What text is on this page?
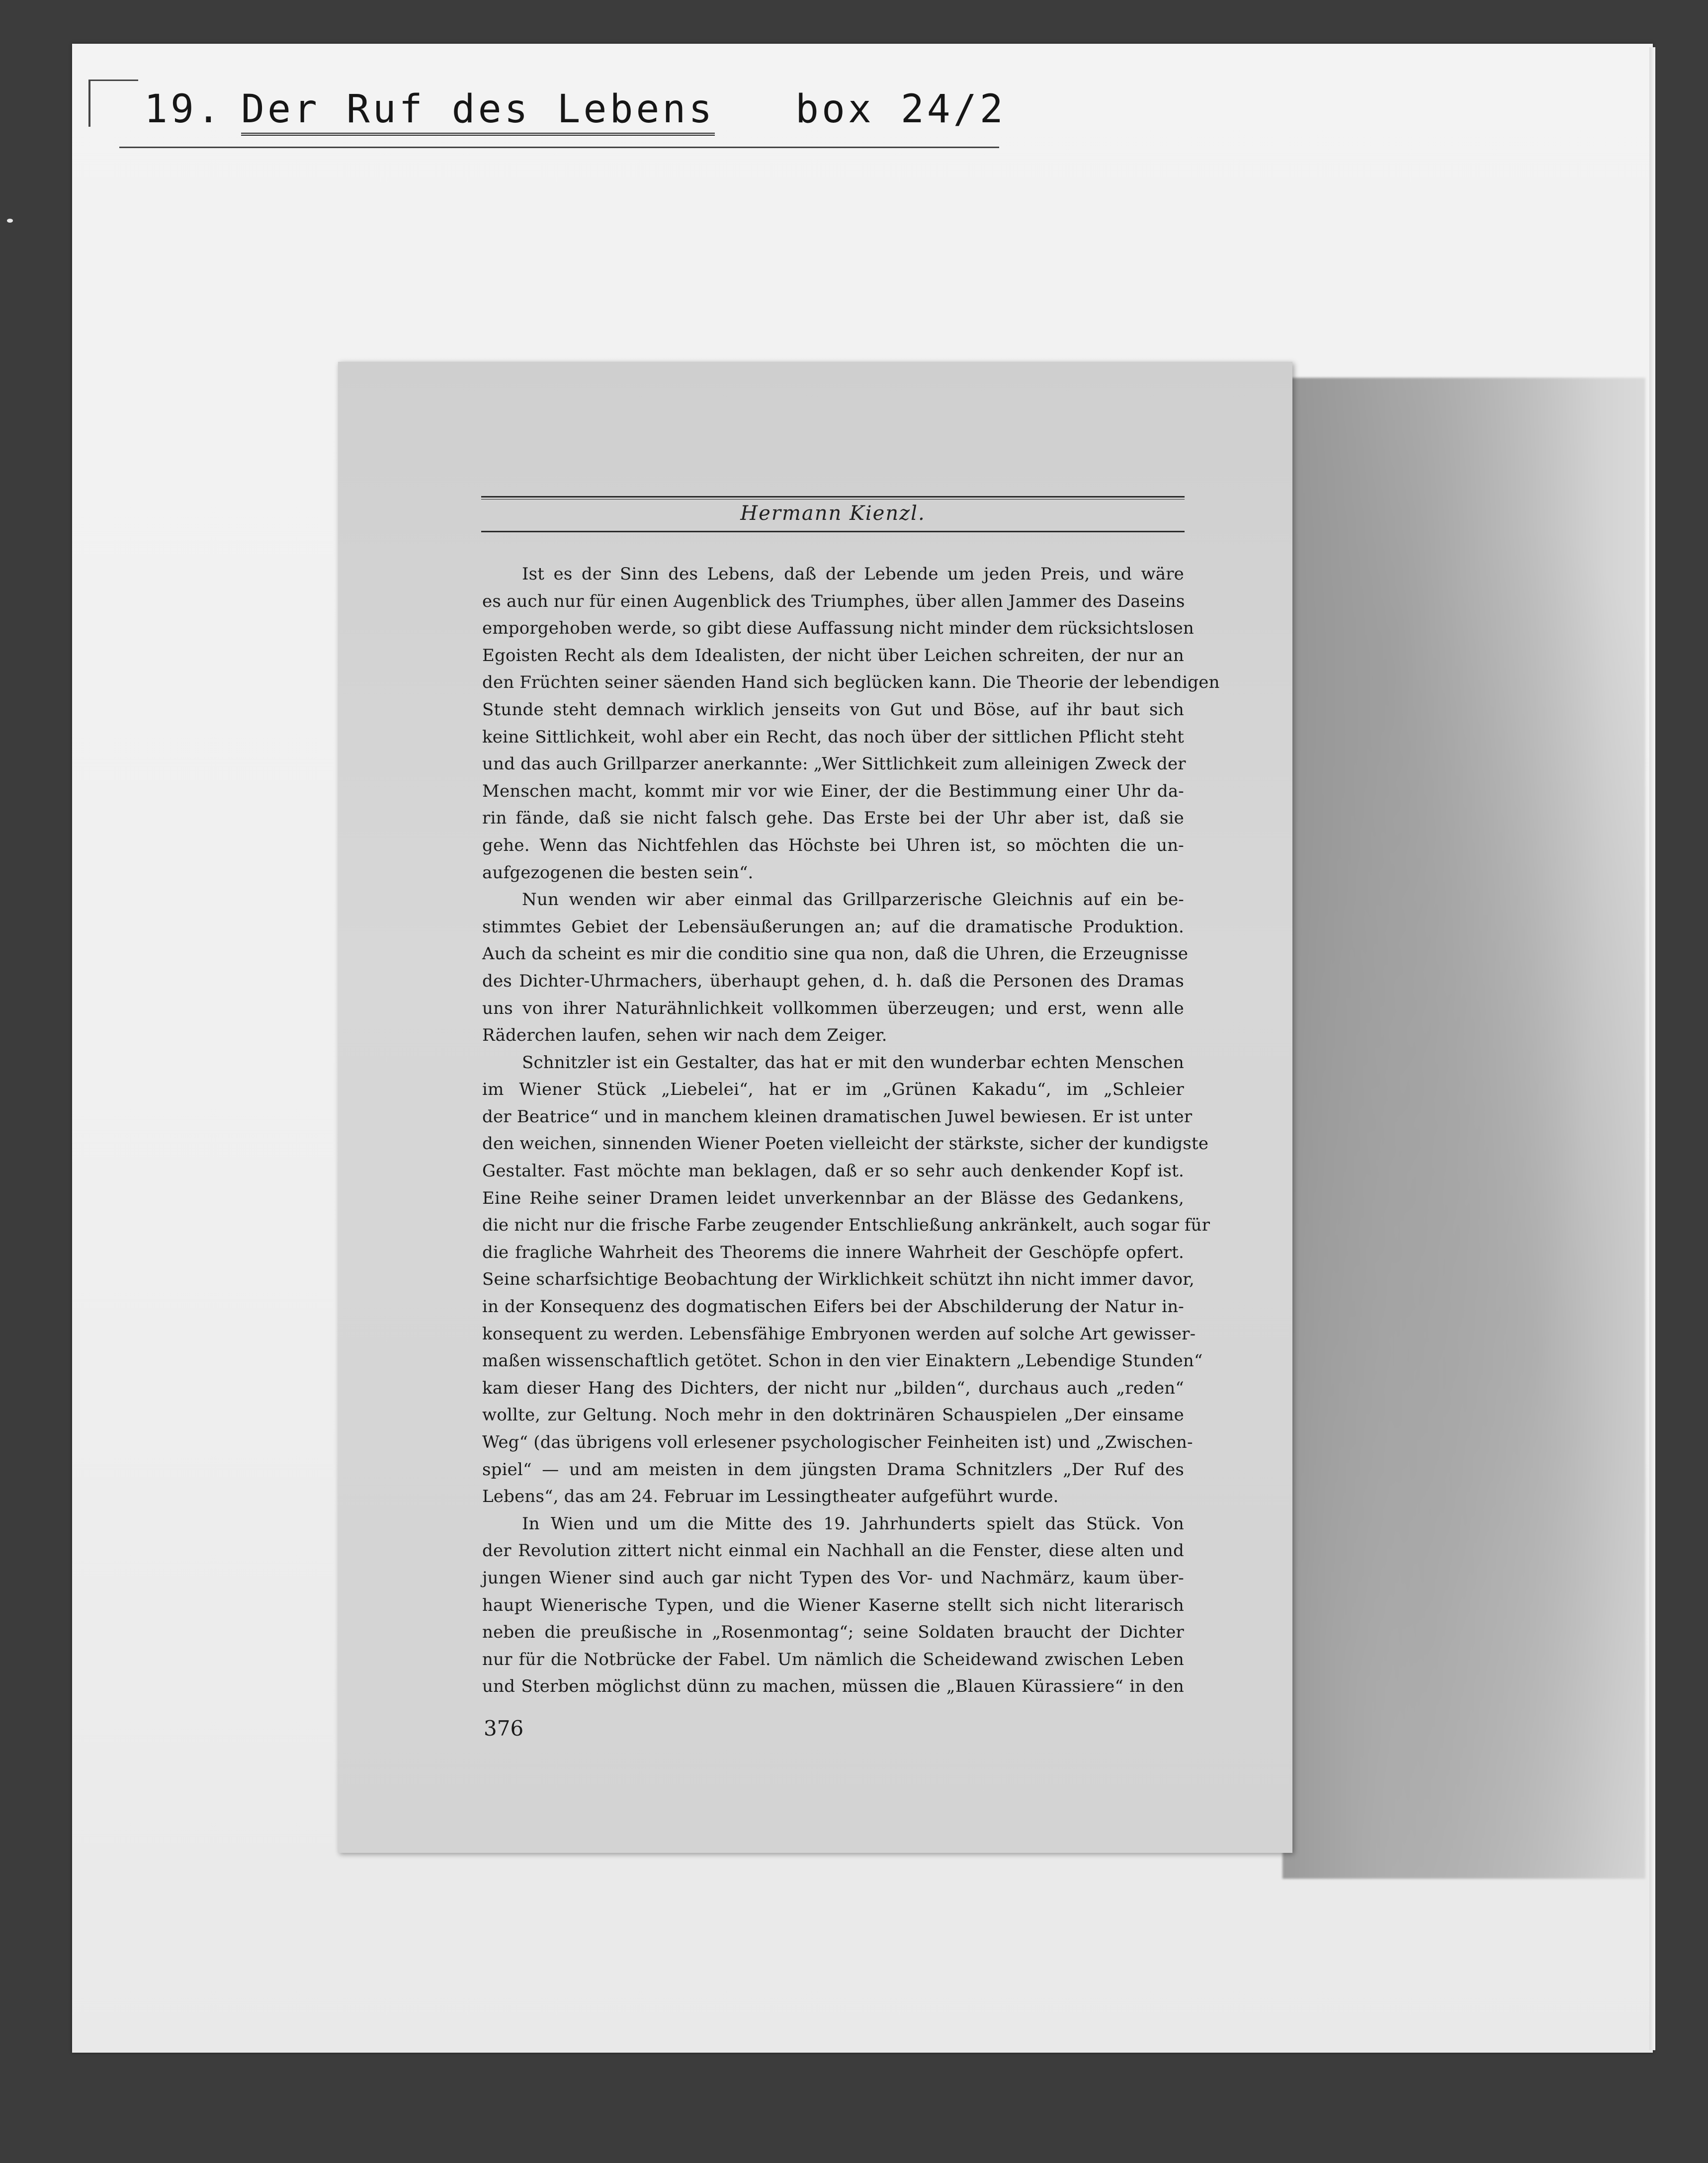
19. Der Ruf des Lebens box 24/2
Hermann Kienzl.
Ist es der Sinn des Lebens, daß der Lebende um jeden Preis, und wäre
es auch nur für einen Augenblick des Triumphes, über allen Jammer des Daseins
emporgehoben werde, so gibt diese Auffassung nicht minder dem rücksichtslosen
Egoisten Recht als dem Idealisten, der nicht über Leichen schreiten, der nur an
den Früchten seiner säenden Hand sich beglücken kann. Die Theorie der lebendigen
Stunde steht demnach wirklich jenseits von Gut und Böse, auf ihr baut sich
keine Sittlichkeit, wohl aber ein Recht, das noch über der sittlichen Pflicht steht
und das auch Grillparzer anerkannte: „Wer Sittlichkeit zum alleinigen Zweck der
Menschen macht, kommt mir vor wie Einer, der die Bestimmung einer Uhr da-
rin fände, daß sie nicht falsch gehe. Das Erste bei der Uhr aber ist, daß sie
gehe. Wenn das Nichtfehlen das Höchste bei Uhren ist, so möchten die un-
aufgezogenen die besten sein“.
Nun wenden wir aber einmal das Grillparzerische Gleichnis auf ein be-
stimmtes Gebiet der Lebensäußerungen an; auf die dramatische Produktion.
Auch da scheint es mir die conditio sine qua non, daß die Uhren, die Erzeugnisse
des Dichter-Uhrmachers, überhaupt gehen, d. h. daß die Personen des Dramas
uns von ihrer Naturähnlichkeit vollkommen überzeugen; und erst, wenn alle
Räderchen laufen, sehen wir nach dem Zeiger.
Schnitzler ist ein Gestalter, das hat er mit den wunderbar echten Menschen
im Wiener Stück „Liebelei“, hat er im „Grünen Kakadu“, im „Schleier
der Beatrice“ und in manchem kleinen dramatischen Juwel bewiesen. Er ist unter
den weichen, sinnenden Wiener Poeten vielleicht der stärkste, sicher der kundigste
Gestalter. Fast möchte man beklagen, daß er so sehr auch denkender Kopf ist.
Eine Reihe seiner Dramen leidet unverkennbar an der Blässe des Gedankens,
die nicht nur die frische Farbe zeugender Entschließung ankränkelt, auch sogar für
die fragliche Wahrheit des Theorems die innere Wahrheit der Geschöpfe opfert.
Seine scharfsichtige Beobachtung der Wirklichkeit schützt ihn nicht immer davor,
in der Konsequenz des dogmatischen Eifers bei der Abschilderung der Natur in-
konsequent zu werden. Lebensfähige Embryonen werden auf solche Art gewisser-
maßen wissenschaftlich getötet. Schon in den vier Einaktern „Lebendige Stunden“
kam dieser Hang des Dichters, der nicht nur „bilden“, durchaus auch „reden“
wollte, zur Geltung. Noch mehr in den doktrinären Schauspielen „Der einsame
Weg“ (das übrigens voll erlesener psychologischer Feinheiten ist) und „Zwischen-
spiel“ — und am meisten in dem jüngsten Drama Schnitzlers „Der Ruf des
Lebens“, das am 24. Februar im Lessingtheater aufgeführt wurde.
In Wien und um die Mitte des 19. Jahrhunderts spielt das Stück. Von
der Revolution zittert nicht einmal ein Nachhall an die Fenster, diese alten und
jungen Wiener sind auch gar nicht Typen des Vor- und Nachmärz, kaum über-
haupt Wienerische Typen, und die Wiener Kaserne stellt sich nicht literarisch
neben die preußische in „Rosenmontag“; seine Soldaten braucht der Dichter
nur für die Notbrücke der Fabel. Um nämlich die Scheidewand zwischen Leben
und Sterben möglichst dünn zu machen, müssen die „Blauen Kürassiere“ in den
376
